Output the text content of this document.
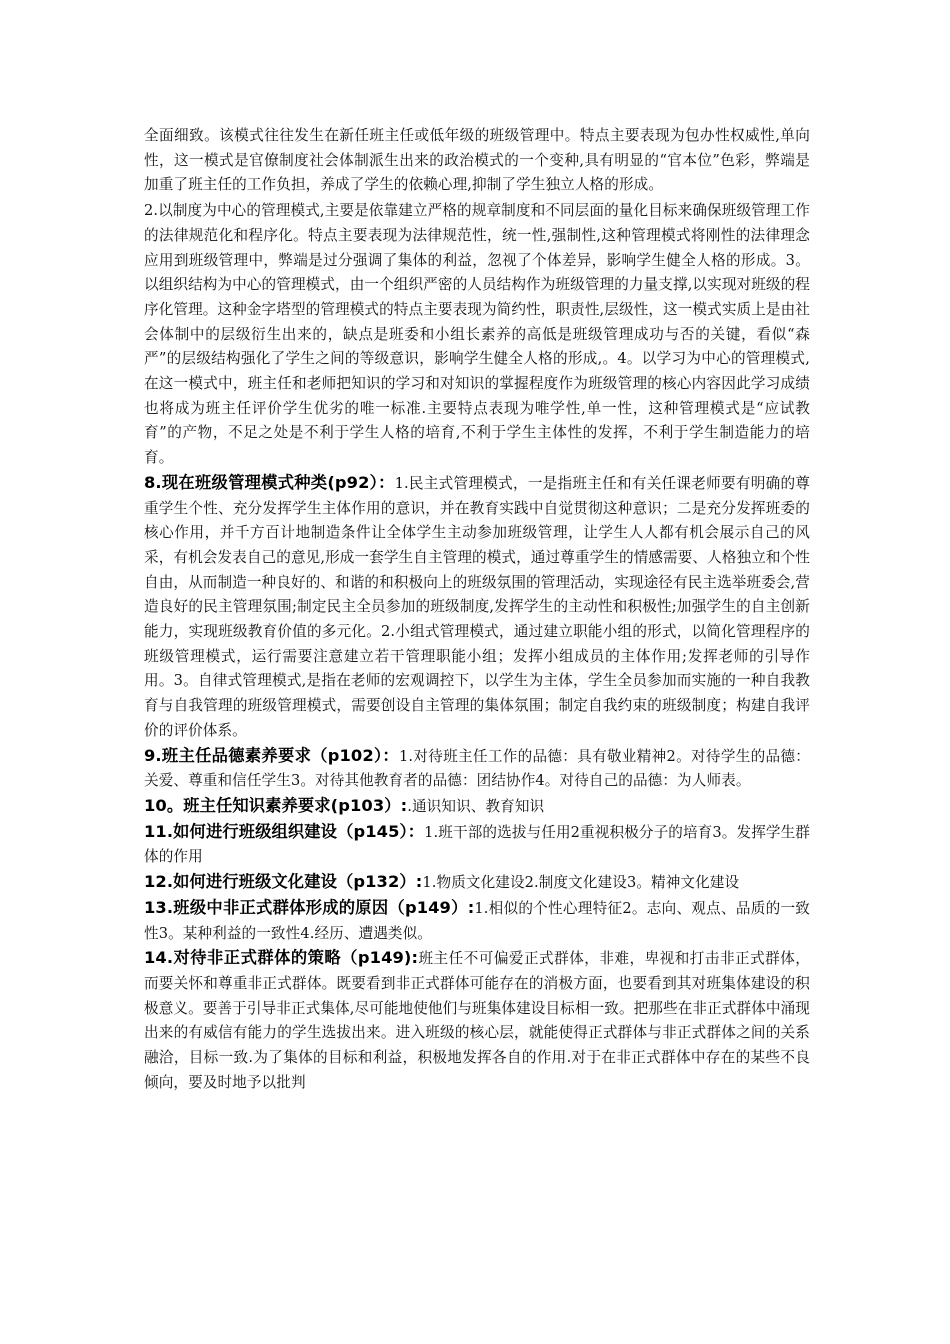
全面细致。该模式往往发生在新任班主任或低年级的班级管理中。特点主要表现为包办性权威性,单向性，这一模式是官僚制度社会体制派生出来的政治模式的一个变种,具有明显的“官本位”色彩，弊端是加重了班主任的工作负担，养成了学生的依赖心理,抑制了学生独立人格的形成。

2.以制度为中心的管理模式,主要是依靠建立严格的规章制度和不同层面的量化目标来确保班级管理工作的法律规范化和程序化。特点主要表现为法律规范性，统一性,强制性,这种管理模式将刚性的法律理念应用到班级管理中，弊端是过分强调了集体的利益，忽视了个体差异，影响学生健全人格的形成。3。以组织结构为中心的管理模式，由一个组织严密的人员结构作为班级管理的力量支撑,以实现对班级的程序化管理。这种金字塔型的管理模式的特点主要表现为简约性，职责性,层级性，这一模式实质上是由社会体制中的层级衍生出来的，缺点是班委和小组长素养的高低是班级管理成功与否的关键，看似“森严”的层级结构强化了学生之间的等级意识，影响学生健全人格的形成,。4。以学习为中心的管理模式,在这一模式中，班主任和老师把知识的学习和对知识的掌握程度作为班级管理的核心内容因此学习成绩也将成为班主任评价学生优劣的唯一标准.主要特点表现为唯学性,单一性，这种管理模式是“应试教育”的产物，不足之处是不利于学生人格的培育,不利于学生主体性的发挥，不利于学生制造能力的培育。

8.现在班级管理模式种类(p92）：1.民主式管理模式，一是指班主任和有关任课老师要有明确的尊重学生个性、充分发挥学生主体作用的意识，并在教育实践中自觉贯彻这种意识；二是充分发挥班委的核心作用，并千方百计地制造条件让全体学生主动参加班级管理，让学生人人都有机会展示自己的风采，有机会发表自己的意见,形成一套学生自主管理的模式，通过尊重学生的情感需要、人格独立和个性自由，从而制造一种良好的、和谐的和积极向上的班级氛围的管理活动，实现途径有民主选举班委会,营造良好的民主管理氛围;制定民主全员参加的班级制度,发挥学生的主动性和积极性;加强学生的自主创新能力，实现班级教育价值的多元化。2.小组式管理模式，通过建立职能小组的形式，以简化管理程序的班级管理模式，运行需要注意建立若干管理职能小组；发挥小组成员的主体作用;发挥老师的引导作用。3。自律式管理模式,是指在老师的宏观调控下，以学生为主体，学生全员参加而实施的一种自我教育与自我管理的班级管理模式，需要创设自主管理的集体氛围；制定自我约束的班级制度；构建自我评价的评价体系。

9.班主任品德素养要求（p102）：1.对待班主任工作的品德：具有敬业精神2。对待学生的品德：关爱、尊重和信任学生3。对待其他教育者的品德：团结协作4。对待自己的品德：为人师表。

10。班主任知识素养要求(p103）:.通识知识、教育知识

11.如何进行班级组织建设（p145）：1.班干部的选拔与任用2重视积极分子的培育3。发挥学生群体的作用

12.如何进行班级文化建设（p132）:1.物质文化建设2.制度文化建设3。精神文化建设

13.班级中非正式群体形成的原因（p149）:1.相似的个性心理特征2。志向、观点、品质的一致性3。某种利益的一致性4.经历、遭遇类似。

14.对待非正式群体的策略（p149):班主任不可偏爱正式群体，非难，卑视和打击非正式群体，而要关怀和尊重非正式群体。既要看到非正式群体可能存在的消极方面，也要看到其对班集体建设的积极意义。要善于引导非正式集体,尽可能地使他们与班集体建设目标相一致。把那些在非正式群体中涌现出来的有威信有能力的学生选拔出来。进入班级的核心层，就能使得正式群体与非正式群体之间的关系融洽，目标一致.为了集体的目标和利益，积极地发挥各自的作用.对于在非正式群体中存在的某些不良倾向，要及时地予以批判
